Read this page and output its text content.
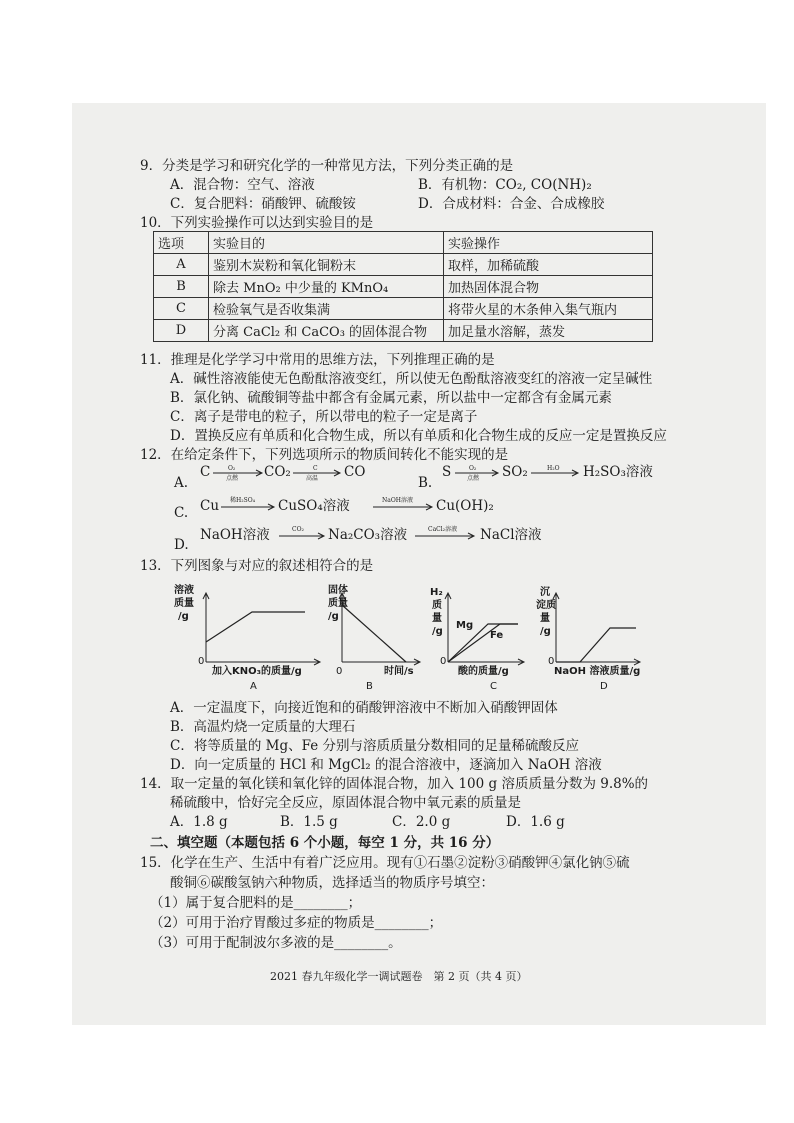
9．分类是学习和研究化学的一种常见方法，下列分类正确的是
A．混合物：空气、溶液	B．有机物：CO₂, CO(NH)₂
C．复合肥料：硝酸钾、硫酸铵	D．合成材料：合金、合成橡胶
10．下列实验操作可以达到实验目的是
选项	实验目的	实验操作
A	鉴别木炭粉和氧化铜粉末	取样，加稀硫酸
B	除去 MnO₂ 中少量的 KMnO₄	加热固体混合物
C	检验氧气是否收集满	将带火星的木条伸入集气瓶内
D	分离 CaCl₂ 和 CaCO₃ 的固体混合物	加足量水溶解，蒸发
11．推理是化学学习中常用的思维方法，下列推理正确的是
A．碱性溶液能使无色酚酞溶液变红，所以使无色酚酞溶液变红的溶液一定呈碱性
B．氯化钠、硫酸铜等盐中都含有金属元素，所以盐中一定都含有金属元素
C．离子是带电的粒子，所以带电的粒子一定是离子
D．置换反应有单质和化合物生成，所以有单质和化合物生成的反应一定是置换反应
12．在给定条件下，下列选项所示的物质间转化不能实现的是
A.
C	O₂
点燃 CO₂	C
高温 CO
B.
S	O₂
点燃 SO₂	H₂O H₂SO₃溶液
C. Cu 稀H₂SO₄ CuSO₄溶液	NaOH溶液 Cu(OH)₂
D.
NaOH溶液	CO₂ Na₂CO₃溶液	CaCl₂溶液 NaCl溶液
13．下列图象与对应的叙述相符合的是
溶液
质量
/g
0
加入KNO₃的质量/g
A
固体
质量
/g
0	时间/s
B
H₂
质
量
/g
Mg
Fe
0
酸的质量/g
C
沉
淀质
量
/g
0
NaOH 溶液质量/g
D
A．一定温度下，向接近饱和的硝酸钾溶液中不断加入硝酸钾固体
B．高温灼烧一定质量的大理石
C．将等质量的 Mg、Fe 分别与溶质质量分数相同的足量稀硫酸反应
D．向一定质量的 HCl 和 MgCl₂ 的混合溶液中，逐滴加入 NaOH 溶液
14．取一定量的氧化镁和氧化锌的固体混合物，加入 100 g 溶质质量分数为 9.8%的
稀硫酸中，恰好完全反应，原固体混合物中氧元素的质量是
A．1.8 g	B．1.5 g	C．2.0 g	D．1.6 g
二、填空题（本题包括 6 个小题，每空 1 分，共 16 分）
15．化学在生产、生活中有着广泛应用。现有①石墨②淀粉③硝酸钾④氯化钠⑤硫
酸铜⑥碳酸氢钠六种物质，选择适当的物质序号填空：
（1）属于复合肥料的是________；
（2）可用于治疗胃酸过多症的物质是________；
（3）可用于配制波尔多液的是________。
2021 春九年级化学一调试题卷　第 2 页（共 4 页）
